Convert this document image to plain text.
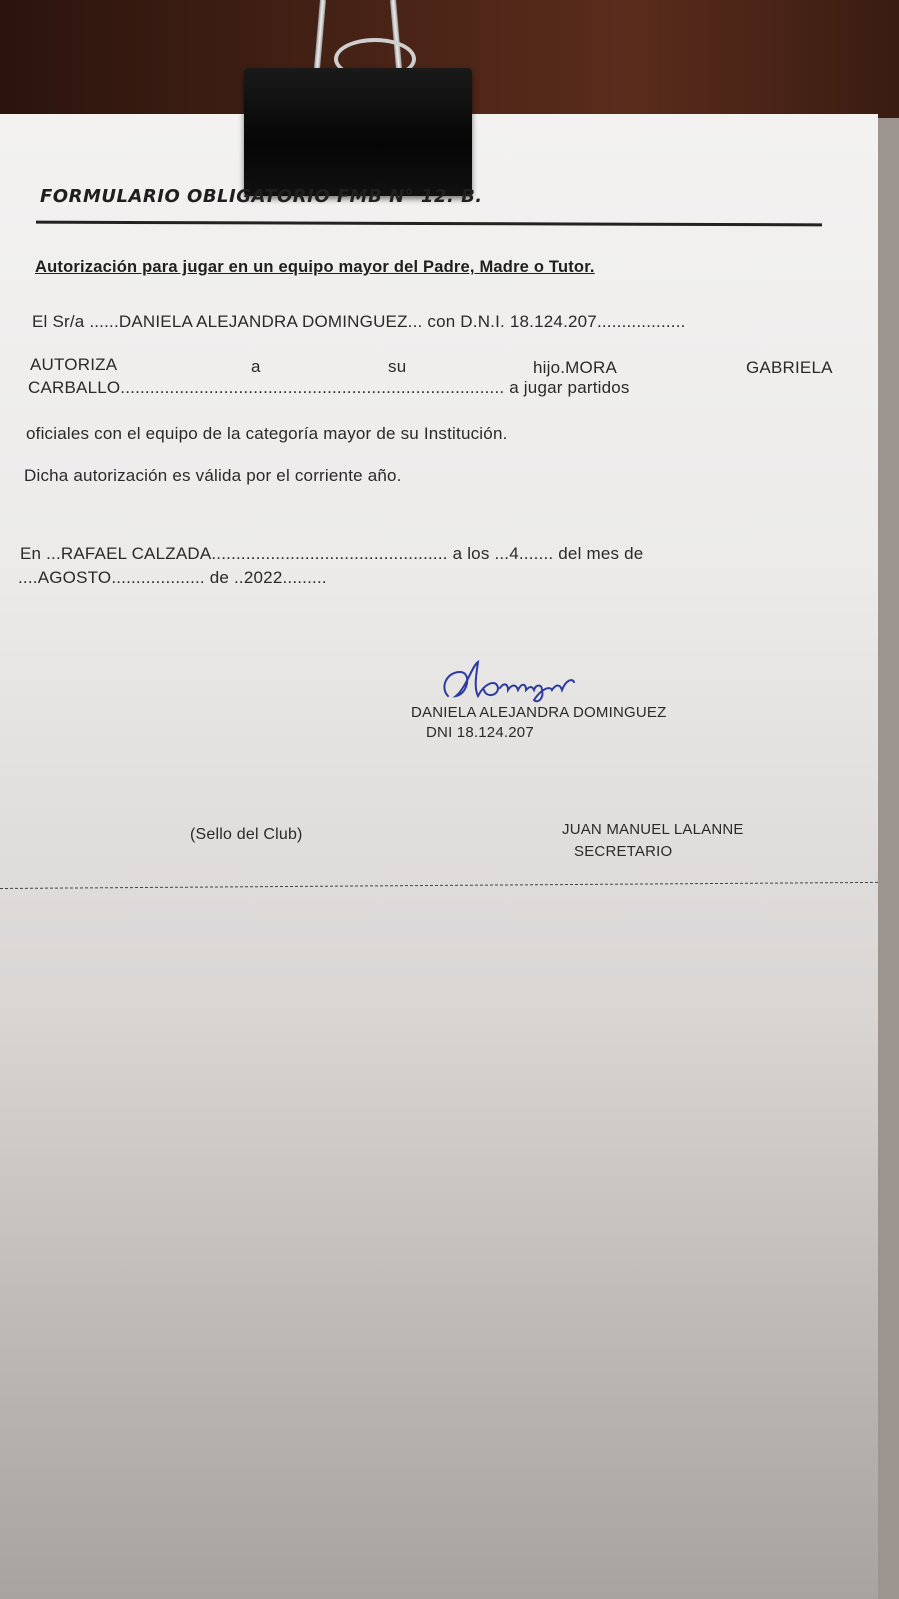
FORMULARIO OBLIGATORIO FMB N° 12. B.
Autorización para jugar en un equipo mayor del Padre, Madre o Tutor.
El Sr/a ......DANIELA ALEJANDRA DOMINGUEZ... con D.N.I. 18.124.207..................
AUTORIZA	a	su	hijo.MORA	GABRIELA
CARBALLO.............................................................................. a jugar partidos
oficiales con el equipo de la categoría mayor de su Institución.
Dicha autorización es válida por el corriente año.
En ...RAFAEL CALZADA................................................ a los ...4....... del mes de
....AGOSTO................... de ..2022.........
DANIELA ALEJANDRA DOMINGUEZ
DNI 18.124.207
(Sello del Club)	JUAN MANUEL LALANNE
SECRETARIO
